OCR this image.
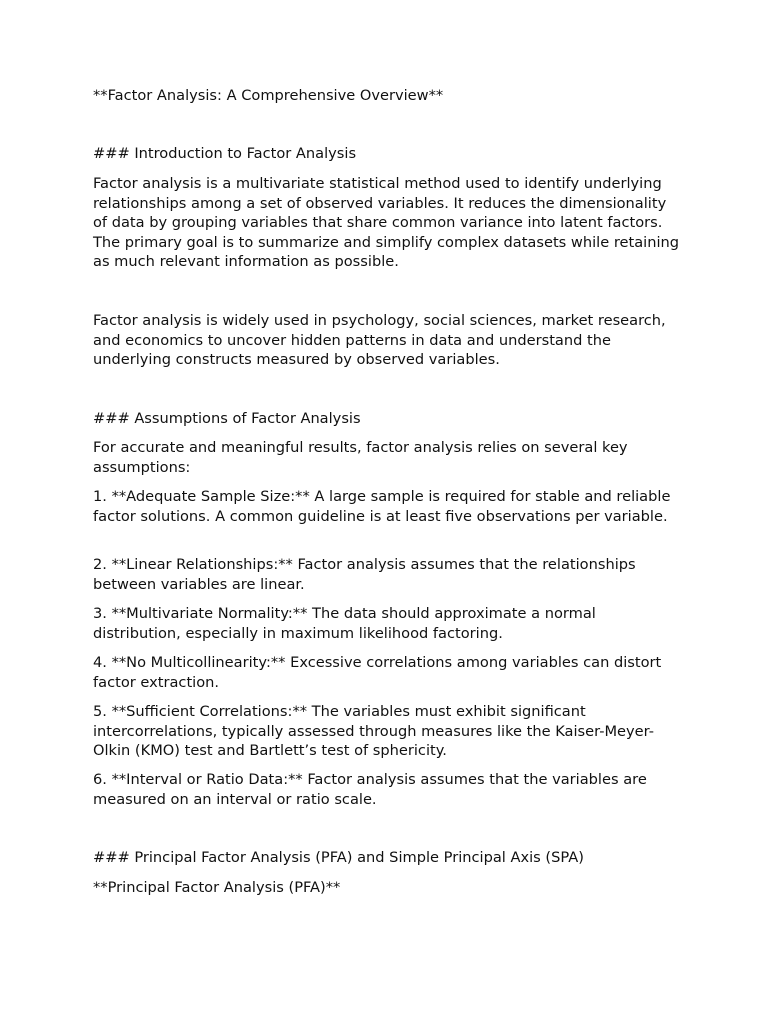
**Factor Analysis: A Comprehensive Overview**

### Introduction to Factor Analysis

Factor analysis is a multivariate statistical method used to identify underlying relationships among a set of observed variables. It reduces the dimensionality of data by grouping variables that share common variance into latent factors. The primary goal is to summarize and simplify complex datasets while retaining as much relevant information as possible.

Factor analysis is widely used in psychology, social sciences, market research, and economics to uncover hidden patterns in data and understand the underlying constructs measured by observed variables.

### Assumptions of Factor Analysis

For accurate and meaningful results, factor analysis relies on several key assumptions:

1. **Adequate Sample Size:** A large sample is required for stable and reliable factor solutions. A common guideline is at least five observations per variable.

2. **Linear Relationships:** Factor analysis assumes that the relationships between variables are linear.

3. **Multivariate Normality:** The data should approximate a normal distribution, especially in maximum likelihood factoring.

4. **No Multicollinearity:** Excessive correlations among variables can distort factor extraction.

5. **Sufficient Correlations:** The variables must exhibit significant intercorrelations, typically assessed through measures like the Kaiser-Meyer-Olkin (KMO) test and Bartlett’s test of sphericity.

6. **Interval or Ratio Data:** Factor analysis assumes that the variables are measured on an interval or ratio scale.

### Principal Factor Analysis (PFA) and Simple Principal Axis (SPA)

**Principal Factor Analysis (PFA)**
